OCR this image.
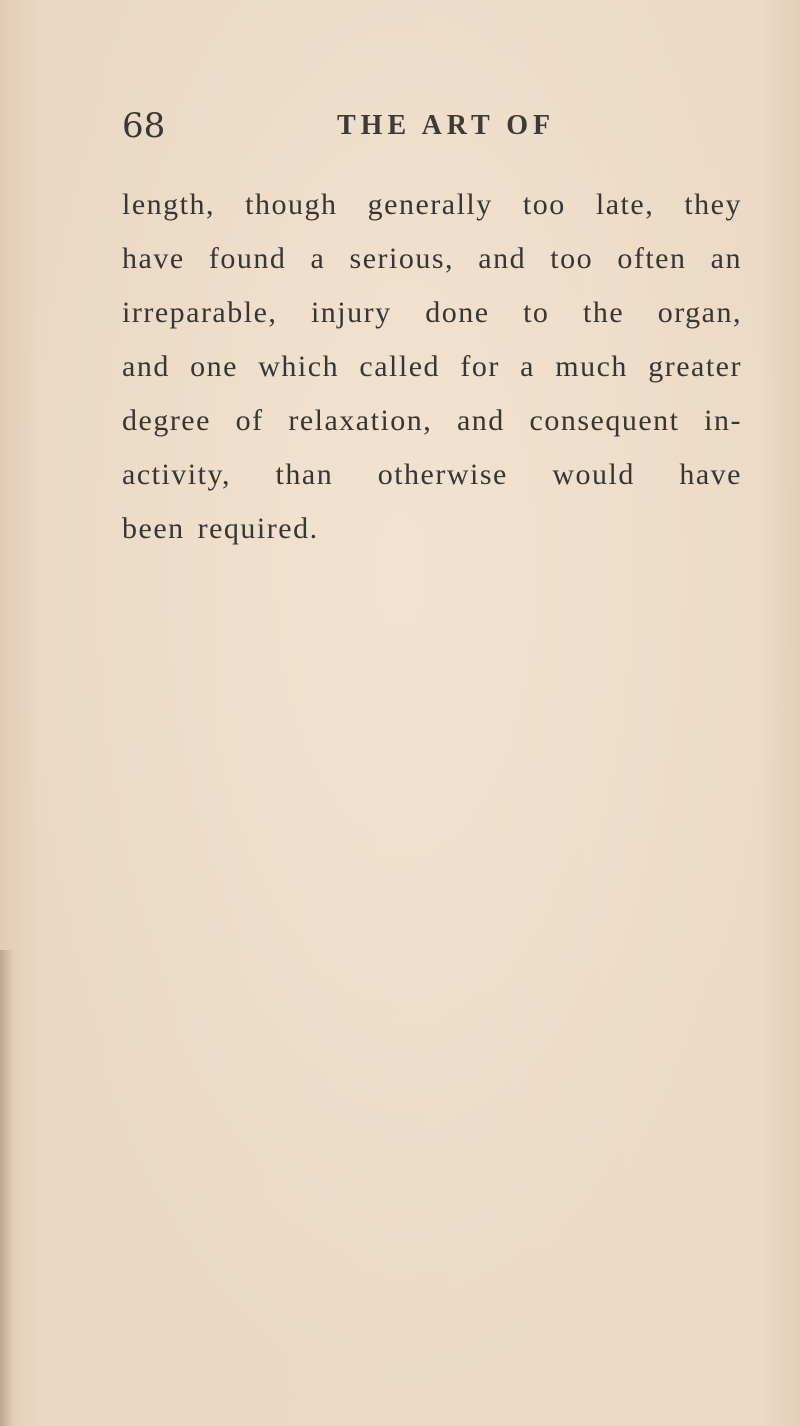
68	THE ART OF

length, though generally too late, they
have found a serious, and too often an
irreparable, injury done to the organ,
and one which called for a much greater
degree of relaxation, and consequent in-
activity, than otherwise would have
been required.
